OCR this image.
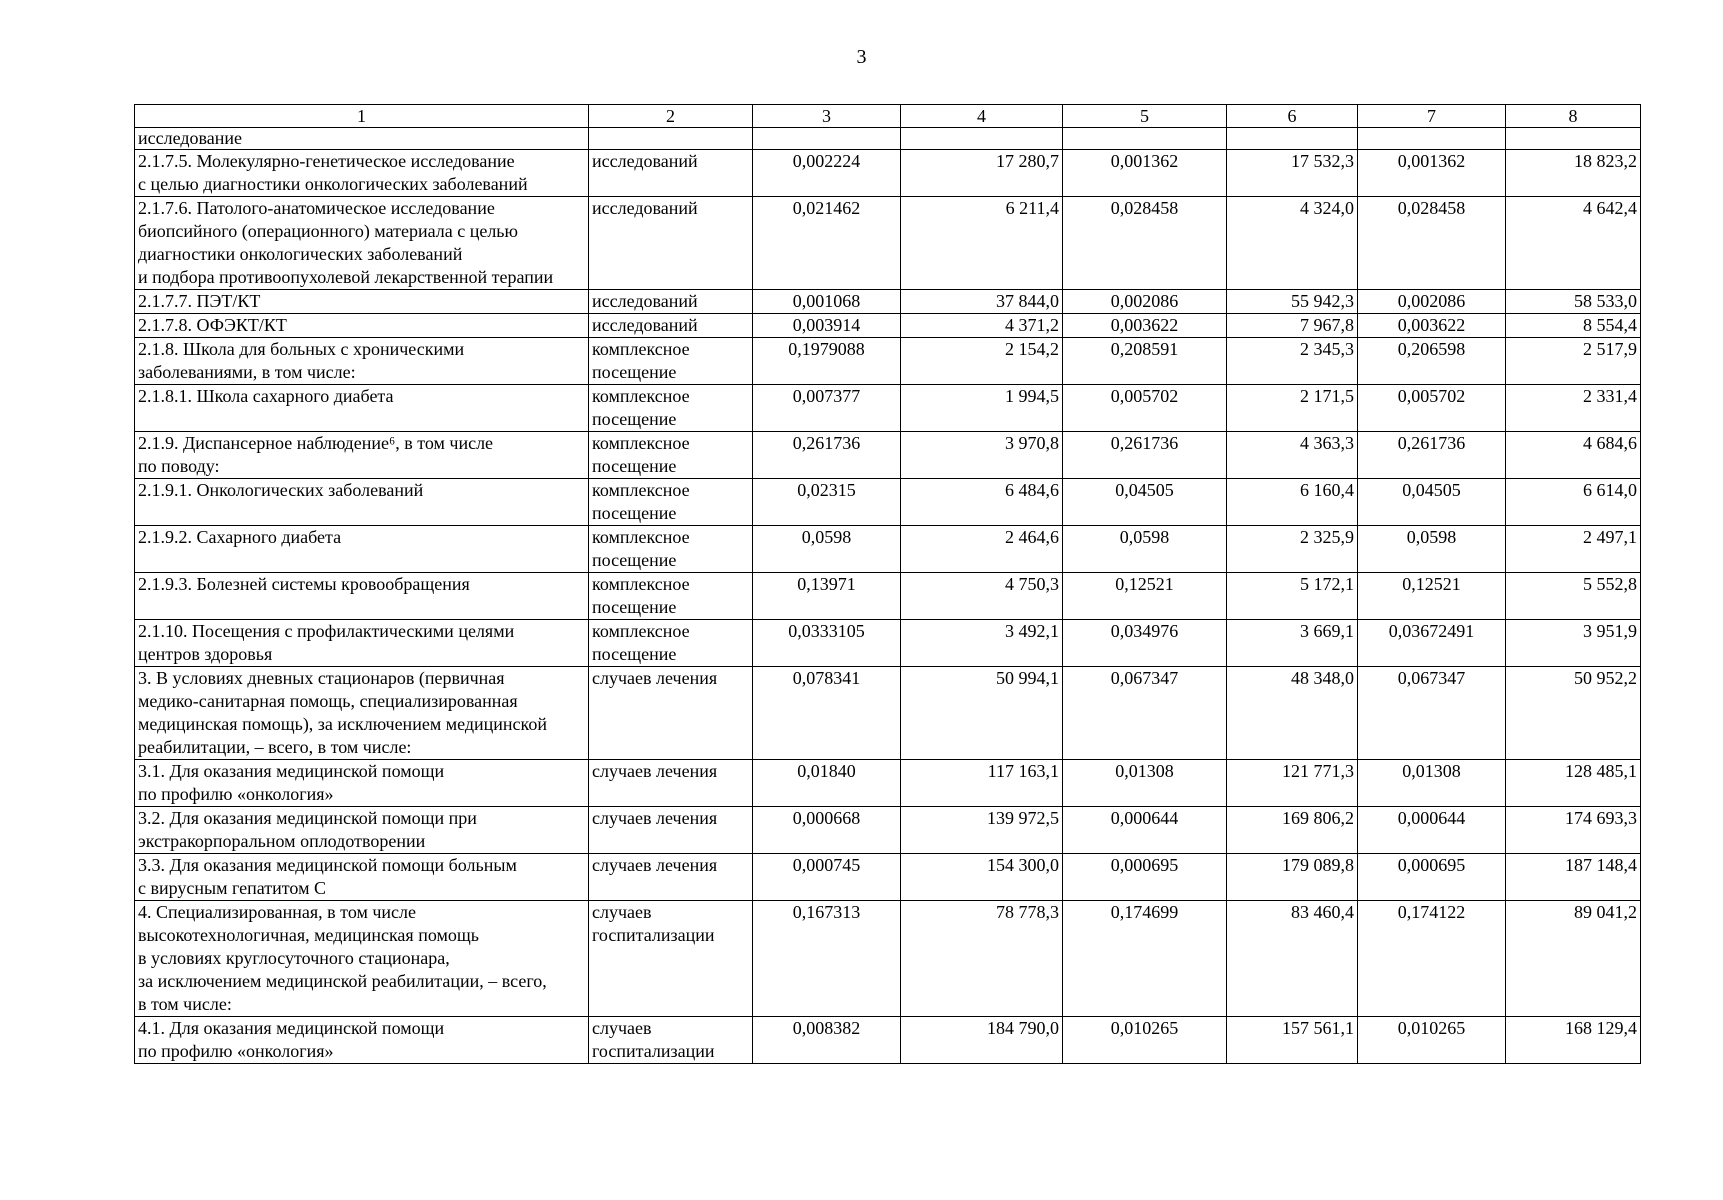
3
1	2	3	4	5	6	7	8
исследование							
2.1.7.5. Молекулярно-генетическое исследование
с целью диагностики онкологических заболеваний	исследований	0,002224	17 280,7	0,001362	17 532,3	0,001362	18 823,2
2.1.7.6. Патолого-анатомическое исследование
биопсийного (операционного) материала с целью
диагностики онкологических заболеваний
и подбора противоопухолевой лекарственной терапии	исследований	0,021462	6 211,4	0,028458	4 324,0	0,028458	4 642,4
2.1.7.7. ПЭТ/КТ	исследований	0,001068	37 844,0	0,002086	55 942,3	0,002086	58 533,0
2.1.7.8. ОФЭКТ/КТ	исследований	0,003914	4 371,2	0,003622	7 967,8	0,003622	8 554,4
2.1.8. Школа для больных с хроническими
заболеваниями, в том числе:	комплексное
посещение	0,1979088	2 154,2	0,208591	2 345,3	0,206598	2 517,9
2.1.8.1. Школа сахарного диабета	комплексное
посещение	0,007377	1 994,5	0,005702	2 171,5	0,005702	2 331,4
2.1.9. Диспансерное наблюдение⁶, в том числе
по поводу:	комплексное
посещение	0,261736	3 970,8	0,261736	4 363,3	0,261736	4 684,6
2.1.9.1. Онкологических заболеваний	комплексное
посещение	0,02315	6 484,6	0,04505	6 160,4	0,04505	6 614,0
2.1.9.2. Сахарного диабета	комплексное
посещение	0,0598	2 464,6	0,0598	2 325,9	0,0598	2 497,1
2.1.9.3. Болезней системы кровообращения	комплексное
посещение	0,13971	4 750,3	0,12521	5 172,1	0,12521	5 552,8
2.1.10. Посещения с профилактическими целями
центров здоровья	комплексное
посещение	0,0333105	3 492,1	0,034976	3 669,1	0,03672491	3 951,9
3. В условиях дневных стационаров (первичная
медико-санитарная помощь, специализированная
медицинская помощь), за исключением медицинской
реабилитации, – всего, в том числе:	случаев лечения	0,078341	50 994,1	0,067347	48 348,0	0,067347	50 952,2
3.1. Для оказания медицинской помощи
по профилю «онкология»	случаев лечения	0,01840	117 163,1	0,01308	121 771,3	0,01308	128 485,1
3.2. Для оказания медицинской помощи при
экстракорпоральном оплодотворении	случаев лечения	0,000668	139 972,5	0,000644	169 806,2	0,000644	174 693,3
3.3. Для оказания медицинской помощи больным
с вирусным гепатитом С	случаев лечения	0,000745	154 300,0	0,000695	179 089,8	0,000695	187 148,4
4. Специализированная, в том числе
высокотехнологичная, медицинская помощь
в условиях круглосуточного стационара,
за исключением медицинской реабилитации, – всего,
в том числе:	случаев
госпитализации	0,167313	78 778,3	0,174699	83 460,4	0,174122	89 041,2
4.1. Для оказания медицинской помощи
по профилю «онкология»	случаев
госпитализации	0,008382	184 790,0	0,010265	157 561,1	0,010265	168 129,4
